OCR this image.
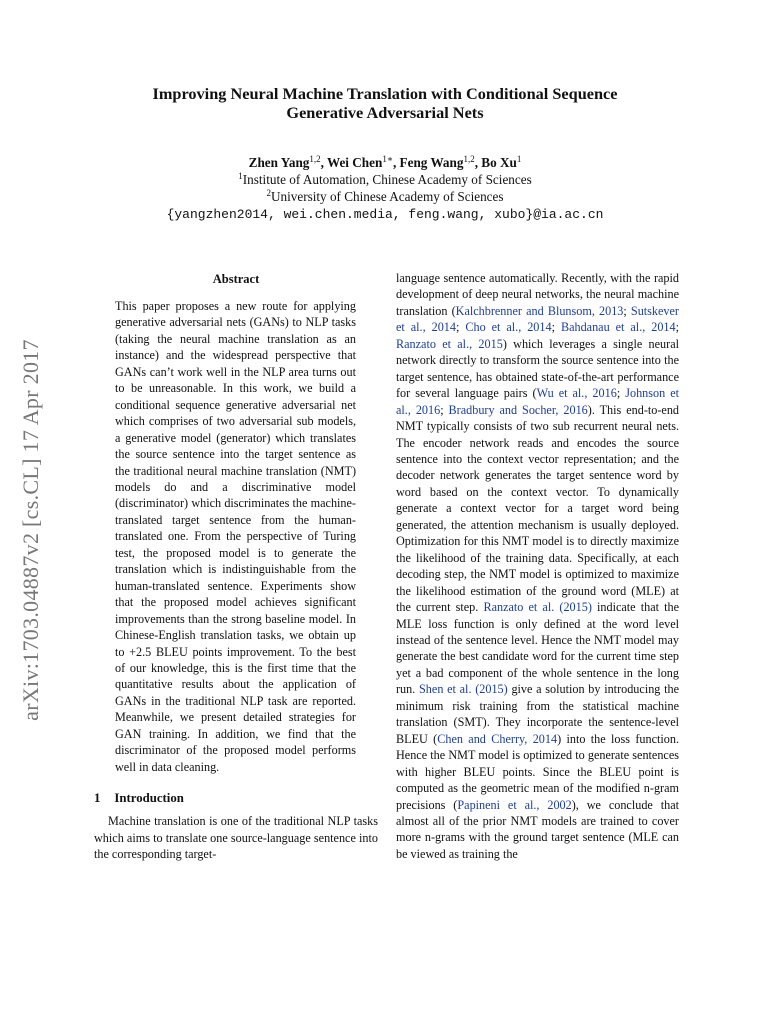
arXiv:1703.04887v2 [cs.CL] 17 Apr 2017
Improving Neural Machine Translation with Conditional Sequence
Generative Adversarial Nets
Zhen Yang$^{1,2}$, Wei Chen$^{1∗}$, Feng Wang$^{1,2}$, Bo Xu$^1$
$^1$Institute of Automation, Chinese Academy of Sciences
$^2$University of Chinese Academy of Sciences
{yangzhen2014, wei.chen.media, feng.wang, xubo}@ia.ac.cn
Abstract

This paper proposes a new route for applying generative adversarial nets (GANs) to NLP tasks (taking the neural machine translation as an instance) and the widespread perspective that GANs can’t work well in the NLP area turns out to be unreasonable. In this work, we build a conditional sequence generative adversarial net which comprises of two adversarial sub models, a generative model (generator) which translates the source sentence into the target sentence as the traditional neural machine translation (NMT) models do and a discriminative model (discriminator) which discriminates the machine-translated target sentence from the human-translated one. From the perspective of Turing test, the proposed model is to generate the translation which is indistinguishable from the human-translated sentence. Experiments show that the proposed model achieves significant improvements than the strong baseline model. In Chinese-English translation tasks, we obtain up to +2.5 BLEU points improvement. To the best of our knowledge, this is the first time that the quantitative results about the application of GANs in the traditional NLP task are reported. Meanwhile, we present detailed strategies for GAN training. In addition, we find that the discriminator of the proposed model performs well in data cleaning.

1 Introduction

Machine translation is one of the traditional NLP tasks which aims to translate one source-language sentence into the corresponding target-

language sentence automatically. Recently, with the rapid development of deep neural networks, the neural machine translation (Kalchbrenner and Blunsom, 2013; Sutskever et al., 2014; Cho et al., 2014; Bahdanau et al., 2014; Ranzato et al., 2015) which leverages a single neural network directly to transform the source sentence into the target sentence, has obtained state-of-the-art performance for several language pairs (Wu et al., 2016; Johnson et al., 2016; Bradbury and Socher, 2016). This end-to-end NMT typically consists of two sub recurrent neural nets. The encoder network reads and encodes the source sentence into the context vector representation; and the decoder network generates the target sentence word by word based on the context vector. To dynamically generate a context vector for a target word being generated, the attention mechanism is usually deployed. Optimization for this NMT model is to directly maximize the likelihood of the training data. Specifically, at each decoding step, the NMT model is optimized to maximize the likelihood estimation of the ground word (MLE) at the current step. Ranzato et al. (2015) indicate that the MLE loss function is only defined at the word level instead of the sentence level. Hence the NMT model may generate the best candidate word for the current time step yet a bad component of the whole sentence in the long run. Shen et al. (2015) give a solution by introducing the minimum risk training from the statistical machine translation (SMT). They incorporate the sentence-level BLEU (Chen and Cherry, 2014) into the loss function. Hence the NMT model is optimized to generate sentences with higher BLEU points. Since the BLEU point is computed as the geometric mean of the modified n-gram precisions (Papineni et al., 2002), we conclude that almost all of the prior NMT models are trained to cover more n-grams with the ground target sentence (MLE can be viewed as training the
